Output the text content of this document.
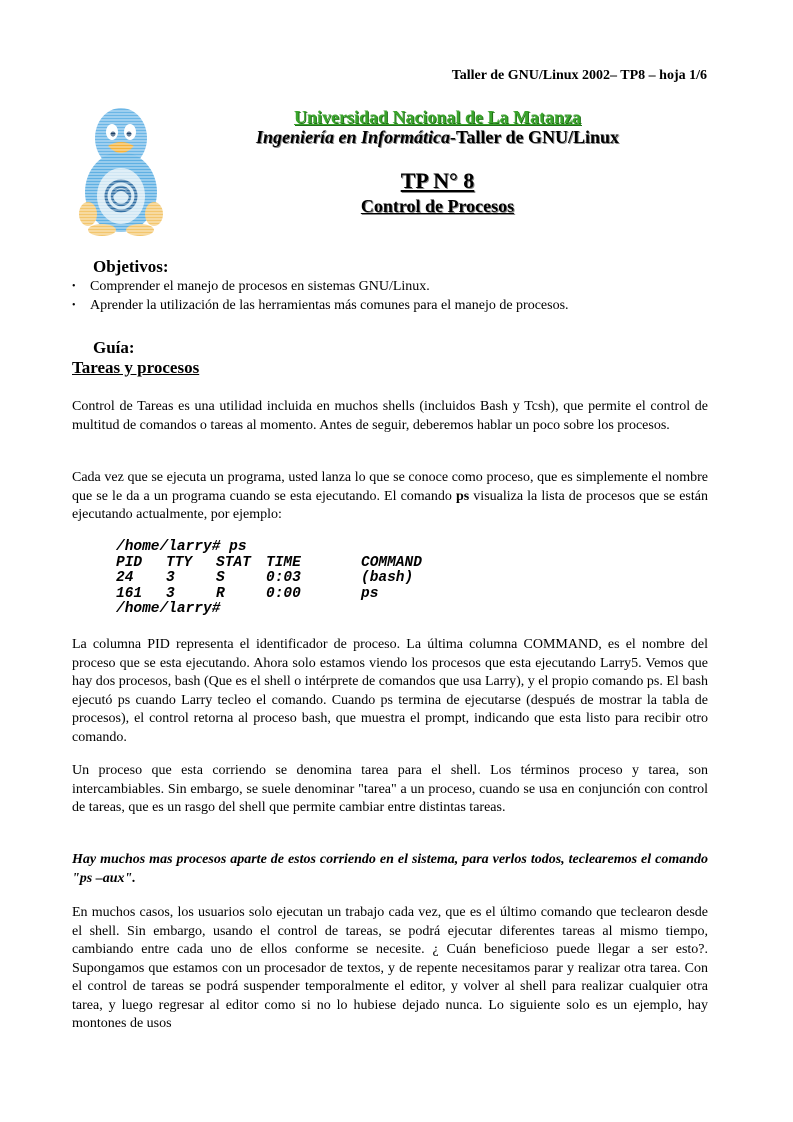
Taller de GNU/Linux 2002– TP8 – hoja 1/6
Universidad Nacional de La Matanza
Ingeniería en Informática-Taller de GNU/Linux
TP N° 8
Control de Procesos
Objetivos:
• Comprender el manejo de procesos en sistemas GNU/Linux.
• Aprender la utilización de las herramientas más comunes para el manejo de procesos.
Guía:
Tareas y procesos

Control de Tareas es una utilidad incluida en muchos shells (incluidos Bash y Tcsh), que permite el control de multitud de comandos o tareas al momento. Antes de seguir, deberemos hablar un poco sobre los procesos.

Cada vez que se ejecuta un programa, usted lanza lo que se conoce como proceso, que es simplemente el nombre que se le da a un programa cuando se esta ejecutando. El comando ps visualiza la lista de procesos que se están ejecutando actualmente, por ejemplo:

/home/larry# ps
PID	TTY	STAT	TIME	COMMAND
24	3	S	0:03	(bash)
161	3	R	0:00	ps
/home/larry#

La columna PID representa el identificador de proceso. La última columna COMMAND, es el nombre del proceso que se esta ejecutando. Ahora solo estamos viendo los procesos que esta ejecutando Larry5. Vemos que hay dos procesos, bash (Que es el shell o intérprete de comandos que usa Larry), y el propio comando ps. El bash ejecutó ps cuando Larry tecleo el comando. Cuando ps termina de ejecutarse (después de mostrar la tabla de procesos), el control retorna al proceso bash, que muestra el prompt, indicando que esta listo para recibir otro comando.

Un proceso que esta corriendo se denomina tarea para el shell. Los términos proceso y tarea, son intercambiables. Sin embargo, se suele denominar "tarea" a un proceso, cuando se usa en conjunción con control de tareas, que es un rasgo del shell que permite cambiar entre distintas tareas.

Hay muchos mas procesos aparte de estos corriendo en el sistema, para verlos todos, teclearemos el comando "ps –aux".

En muchos casos, los usuarios solo ejecutan un trabajo cada vez, que es el último comando que teclearon desde el shell. Sin embargo, usando el control de tareas, se podrá ejecutar diferentes tareas al mismo tiempo, cambiando entre cada uno de ellos conforme se necesite. ¿ Cuán beneficioso puede llegar a ser esto?. Supongamos que estamos con un procesador de textos, y de repente necesitamos parar y realizar otra tarea. Con el control de tareas se podrá suspender temporalmente el editor, y volver al shell para realizar cualquier otra tarea, y luego regresar al editor como si no lo hubiese dejado nunca. Lo siguiente solo es un ejemplo, hay montones de usos
